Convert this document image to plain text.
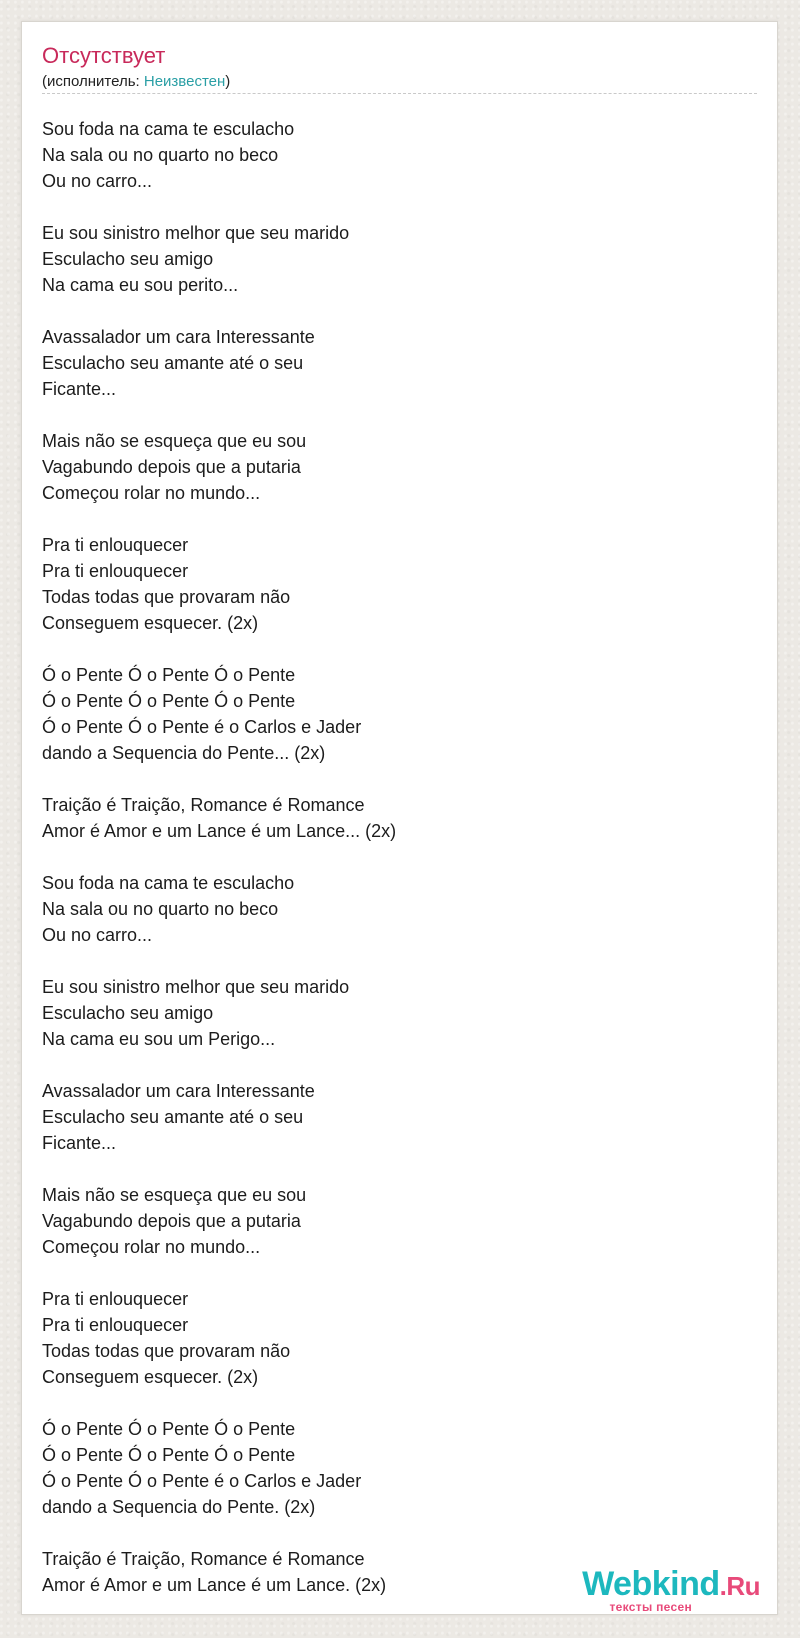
Отсутствует
(исполнитель: Неизвестен)
Sou foda na cama te esculacho
Na sala ou no quarto no beco
Ou no carro...
Eu sou sinistro melhor que seu marido
Esculacho seu amigo
Na cama eu sou perito...
Avassalador um cara Interessante
Esculacho seu amante até o seu
Ficante...
Mais não se esqueça que eu sou
Vagabundo depois que a putaria
Começou rolar no mundo...
Pra ti enlouquecer
Pra ti enlouquecer
Todas todas que provaram não
Conseguem esquecer. (2x)
Ó o Pente Ó o Pente Ó o Pente
Ó o Pente Ó o Pente Ó o Pente
Ó o Pente Ó o Pente é o Carlos e Jader
dando a Sequencia do Pente... (2x)
Traição é Traição, Romance é Romance
Amor é Amor e um Lance é um Lance... (2x)
Sou foda na cama te esculacho
Na sala ou no quarto no beco
Ou no carro...
Eu sou sinistro melhor que seu marido
Esculacho seu amigo
Na cama eu sou um Perigo...
Avassalador um cara Interessante
Esculacho seu amante até o seu
Ficante...
Mais não se esqueça que eu sou
Vagabundo depois que a putaria
Começou rolar no mundo...
Pra ti enlouquecer
Pra ti enlouquecer
Todas todas que provaram não
Conseguem esquecer. (2x)
Ó o Pente Ó o Pente Ó o Pente
Ó o Pente Ó o Pente Ó o Pente
Ó o Pente Ó o Pente é o Carlos e Jader
dando a Sequencia do Pente. (2x)
Traição é Traição, Romance é Romance
Amor é Amor e um Lance é um Lance. (2x)	Webkind.Ru
тексты песен
